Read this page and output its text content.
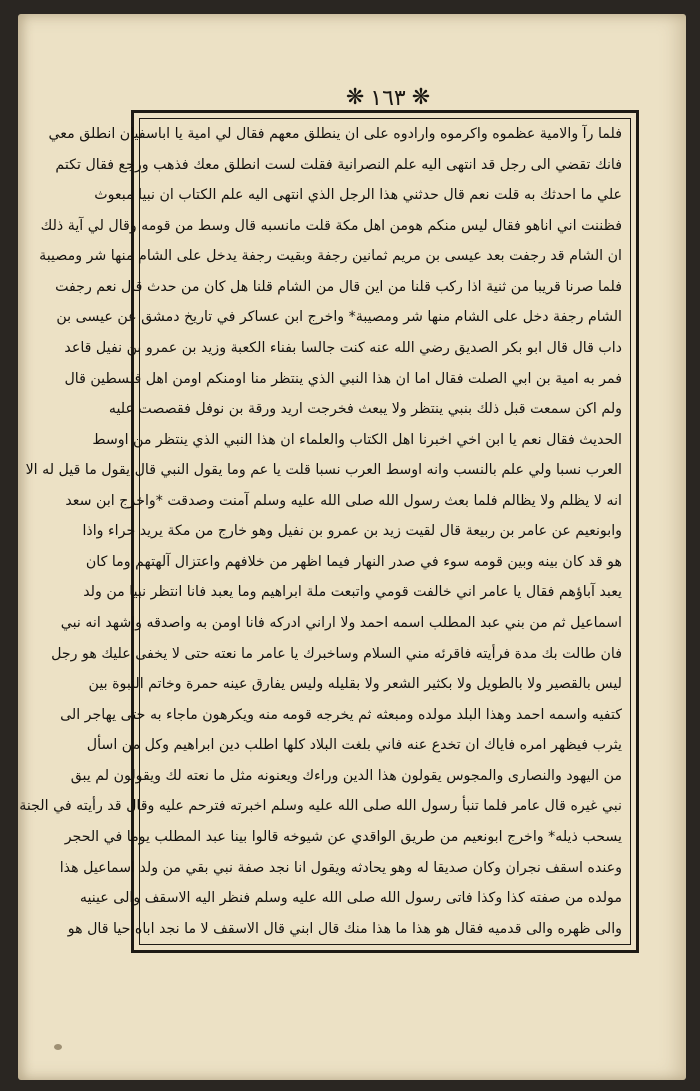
❋ ١٦٣ ❋
فلما رآ والامية عظموه واكرموه وارادوه على ان ينطلق معهم فقال لي امية يا اباسفيان انطلق معي
فانك تقضي الى رجل قد انتهى اليه علم النصرانية فقلت لست انطلق معك فذهب ورجع فقال تكتم
علي ما احدثك به قلت نعم قال حدثني هذا الرجل الذي انتهى اليه علم الكتاب ان نبيا مبعوث
فظننت اني اناهو فقال ليس منكم هومن اهل مكة قلت مانسبه قال وسط من قومه وقال لي آية ذلك
ان الشام قد رجفت بعد عيسى بن مريم ثمانين رجفة وبقيت رجفة يدخل على الشام منها شر ومصيبة
فلما صرنا قريبا من ثنية اذا ركب قلنا من اين قال من الشام قلنا هل كان من حدث قال نعم رجفت
الشام رجفة دخل على الشام منها شر ومصيبة* واخرج ابن عساكر في تاريخ دمشق عن عيسى بن
داب قال قال ابو بكر الصديق رضي الله عنه كنت جالسا بفناء الكعبة وزيد بن عمرو بن نفيل قاعد
فمر به امية بن ابي الصلت فقال اما ان هذا النبي الذي ينتظر منا اومنكم اومن اهل فلسطين قال
ولم اكن سمعت قبل ذلك بنبي ينتظر ولا يبعث فخرجت اريد ورقة بن نوفل فقصصت عليه
الحديث فقال نعم يا ابن اخي اخبرنا اهل الكتاب والعلماء ان هذا النبي الذي ينتظر من اوسط
العرب نسبا ولي علم بالنسب وانه اوسط العرب نسبا قلت يا عم وما يقول النبي قال يقول ما قيل له الا
انه لا يظلم ولا يظالم فلما بعث رسول الله صلى الله عليه وسلم آمنت وصدقت *واخرج ابن سعد
وابونعيم عن عامر بن ربيعة قال لقيت زيد بن عمرو بن نفيل وهو خارج من مكة يريد حراء واذا
هو قد كان بينه وبين قومه سوء في صدر النهار فيما اظهر من خلافهم واعتزال آلهتهم وما كان
يعبد آباؤهم فقال يا عامر اني خالفت قومي واتبعت ملة ابراهيم وما يعبد فانا انتظر نبيا من ولد
اسماعيل ثم من بني عبد المطلب اسمه احمد ولا اراني ادركه فانا اومن به واصدقه واشهد انه نبي
فان طالت بك مدة فرأيته فاقرئه مني السلام وساخبرك يا عامر ما نعته حتى لا يخفى عليك هو رجل
ليس بالقصير ولا بالطويل ولا بكثير الشعر ولا بقليله وليس يفارق عينه حمرة وخاتم النبوة بين
كتفيه واسمه احمد وهذا البلد مولده ومبعثه ثم يخرجه قومه منه ويكرهون ماجاء به حتى يهاجر الى
يثرب فيظهر امره فاياك ان تخدع عنه فاني بلغت البلاد كلها اطلب دين ابراهيم وكل من اسأل
من اليهود والنصارى والمجوس يقولون هذا الدين وراءك ويعنونه مثل ما نعته لك ويقولون لم يبق
نبي غيره قال عامر فلما تنبأ رسول الله صلى الله عليه وسلم اخبرته فترحم عليه وقال قد رأيته في الجنة
يسحب ذيله* واخرج ابونعيم من طريق الواقدي عن شيوخه قالوا بينا عبد المطلب يوما في الحجر
وعنده اسقف نجران وكان صديقا له وهو يحادثه ويقول انا نجد صفة نبي بقي من ولد اسماعيل هذا
مولده من صفته كذا وكذا فاتى رسول الله صلى الله عليه وسلم فنظر اليه الاسقف والى عينيه
والى ظهره والى قدميه فقال هو هذا ما هذا منك قال ابني قال الاسقف لا ما نجد اباه حيا قال هو
